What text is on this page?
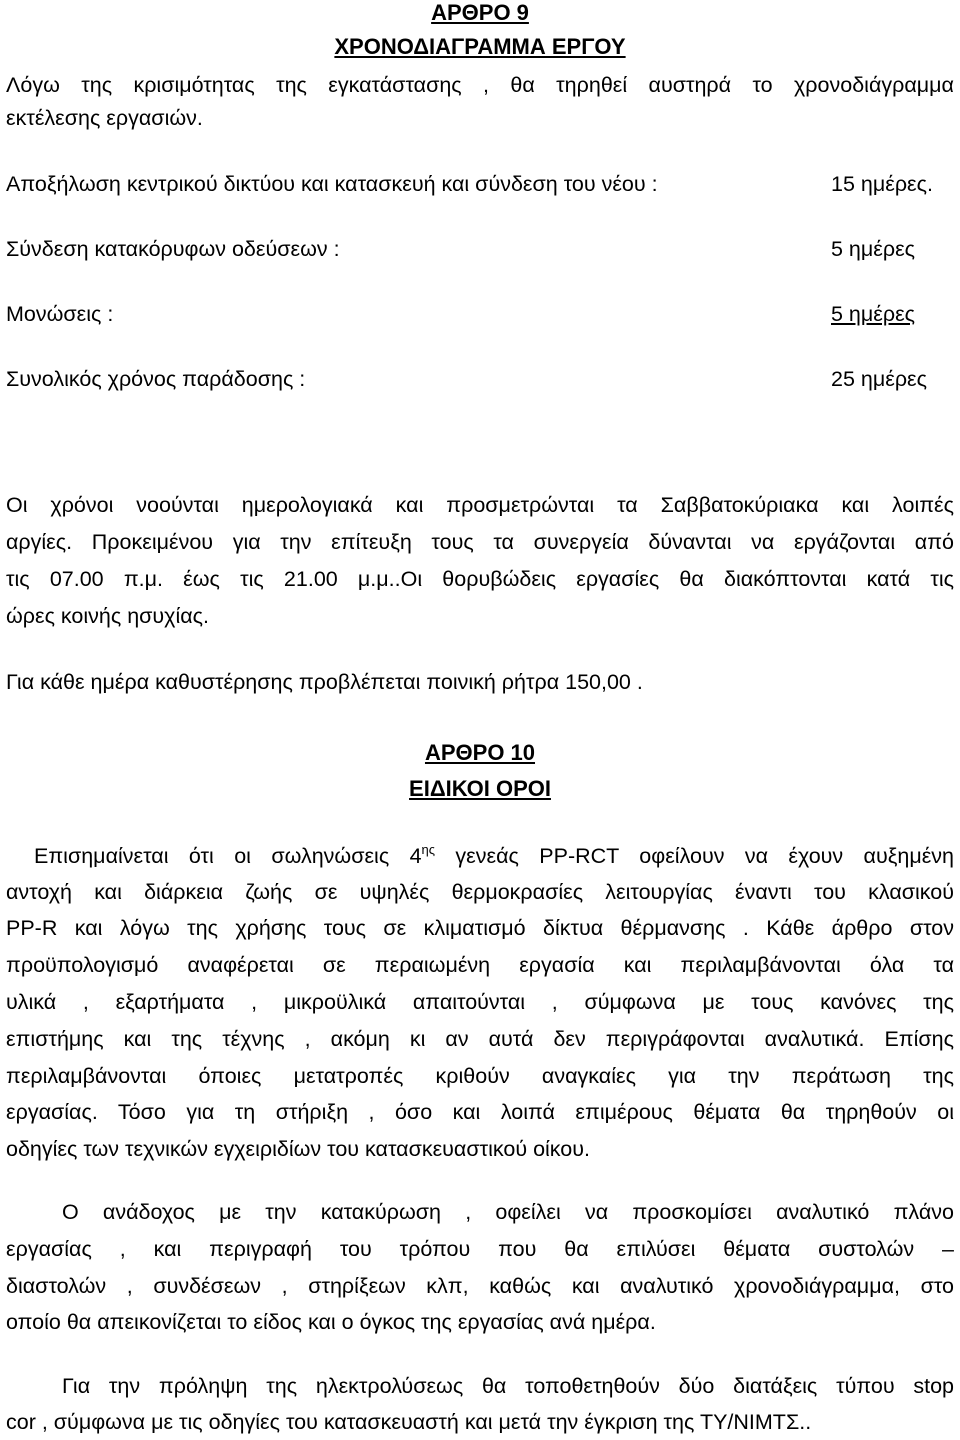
ΑΡΘΡΟ 9
ΧΡΟΝΟΔΙΑΓΡΑΜΜΑ ΕΡΓΟΥ
Λόγω της κρισιμότητας της εγκατάστασης , θα τηρηθεί αυστηρά το χρονοδιάγραμμα
εκτέλεσης εργασιών.
Αποξήλωση κεντρικού δικτύου και κατασκευή και σύνδεση του νέου :	15 ημέρες.
Σύνδεση κατακόρυφων οδεύσεων :	5 ημέρες
Μονώσεις :	5 ημέρες
Συνολικός χρόνος παράδοσης :	25 ημέρες
Οι χρόνοι νοούνται ημερολογιακά και προσμετρώνται τα Σαββατοκύριακα και λοιπές
αργίες. Προκειμένου για την επίτευξη τους τα συνεργεία δύνανται να εργάζονται από
τις 07.00 π.μ. έως τις 21.00 μ.μ..Οι θορυβώδεις εργασίες θα διακόπτονται κατά τις
ώρες κοινής ησυχίας.
Για κάθε ημέρα καθυστέρησης προβλέπεται ποινική ρήτρα 150,00 .
ΑΡΘΡΟ 10
ΕΙΔΙΚΟΙ ΟΡΟΙ
Επισημαίνεται ότι οι σωληνώσεις $4^{\eta\varsigma}$ γενεάς PP-RCT οφείλουν να έχουν αυξημένη
αντοχή και διάρκεια ζωής σε υψηλές θερμοκρασίες λειτουργίας έναντι του κλασικού
PP-R και λόγω της χρήσης τους σε κλιματισμό δίκτυα θέρμανσης . Κάθε άρθρο στον
προϋπολογισμό αναφέρεται σε περαιωμένη εργασία και περιλαμβάνονται όλα τα
υλικά , εξαρτήματα , μικροϋλικά απαιτούνται , σύμφωνα με τους κανόνες της
επιστήμης και της τέχνης , ακόμη κι αν αυτά δεν περιγράφονται αναλυτικά. Επίσης
περιλαμβάνονται όποιες μετατροπές κριθούν αναγκαίες για την περάτωση της
εργασίας. Τόσο για τη στήριξη , όσο και λοιπά επιμέρους θέματα θα τηρηθούν οι
οδηγίες των τεχνικών εγχειριδίων του κατασκευαστικού οίκου.
Ο ανάδοχος με την κατακύρωση , οφείλει να προσκομίσει αναλυτικό πλάνο
εργασίας , και περιγραφή του τρόπου που θα επιλύσει θέματα συστολών –
διαστολών , συνδέσεων , στηρίξεων κλπ, καθώς και αναλυτικό χρονοδιάγραμμα, στο
οποίο θα απεικονίζεται το είδος και ο όγκος της εργασίας ανά ημέρα.
Για την πρόληψη της ηλεκτρολύσεως θα τοποθετηθούν δύο διατάξεις τύπου stop
cor , σύμφωνα με τις οδηγίες του κατασκευαστή και μετά την έγκριση της ΤΥ/ΝΙΜΤΣ..
